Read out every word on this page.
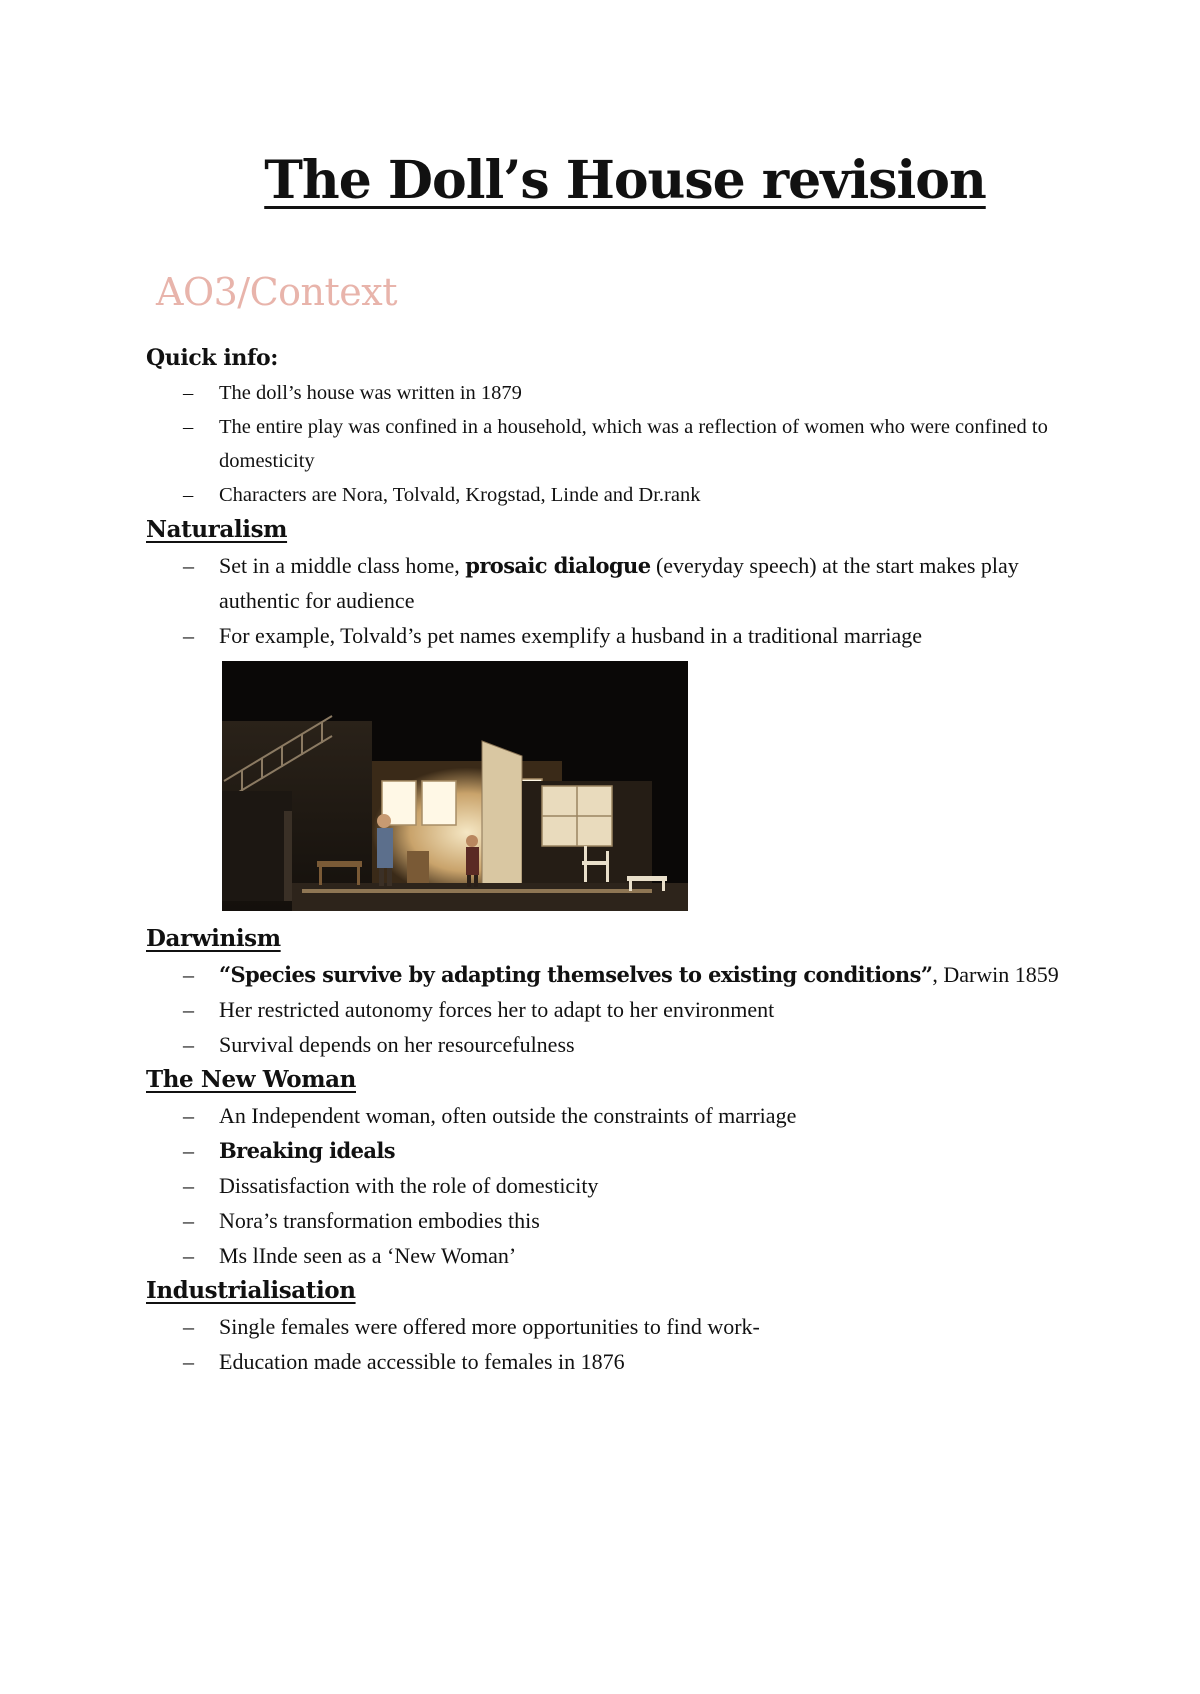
The Doll’s House revision
AO3/Context

Quick info:

– The doll’s house was written in 1879
– The entire play was confined in a household, which was a reflection of women who were confined to domesticity
– Characters are Nora, Tolvald, Krogstad, Linde and Dr.rank

Naturalism

– Set in a middle class home, prosaic dialogue (everyday speech) at the start makes play authentic for audience
– For example, Tolvald’s pet names exemplify a husband in a traditional marriage

Darwinism

– “Species survive by adapting themselves to existing conditions”, Darwin 1859
– Her restricted autonomy forces her to adapt to her environment
– Survival depends on her resourcefulness

The New Woman

– An Independent woman, often outside the constraints of marriage
– Breaking ideals
– Dissatisfaction with the role of domesticity
– Nora’s transformation embodies this
– Ms lInde seen as a ‘New Woman’

Industrialisation

– Single females were offered more opportunities to find work-
– Education made accessible to females in 1876
